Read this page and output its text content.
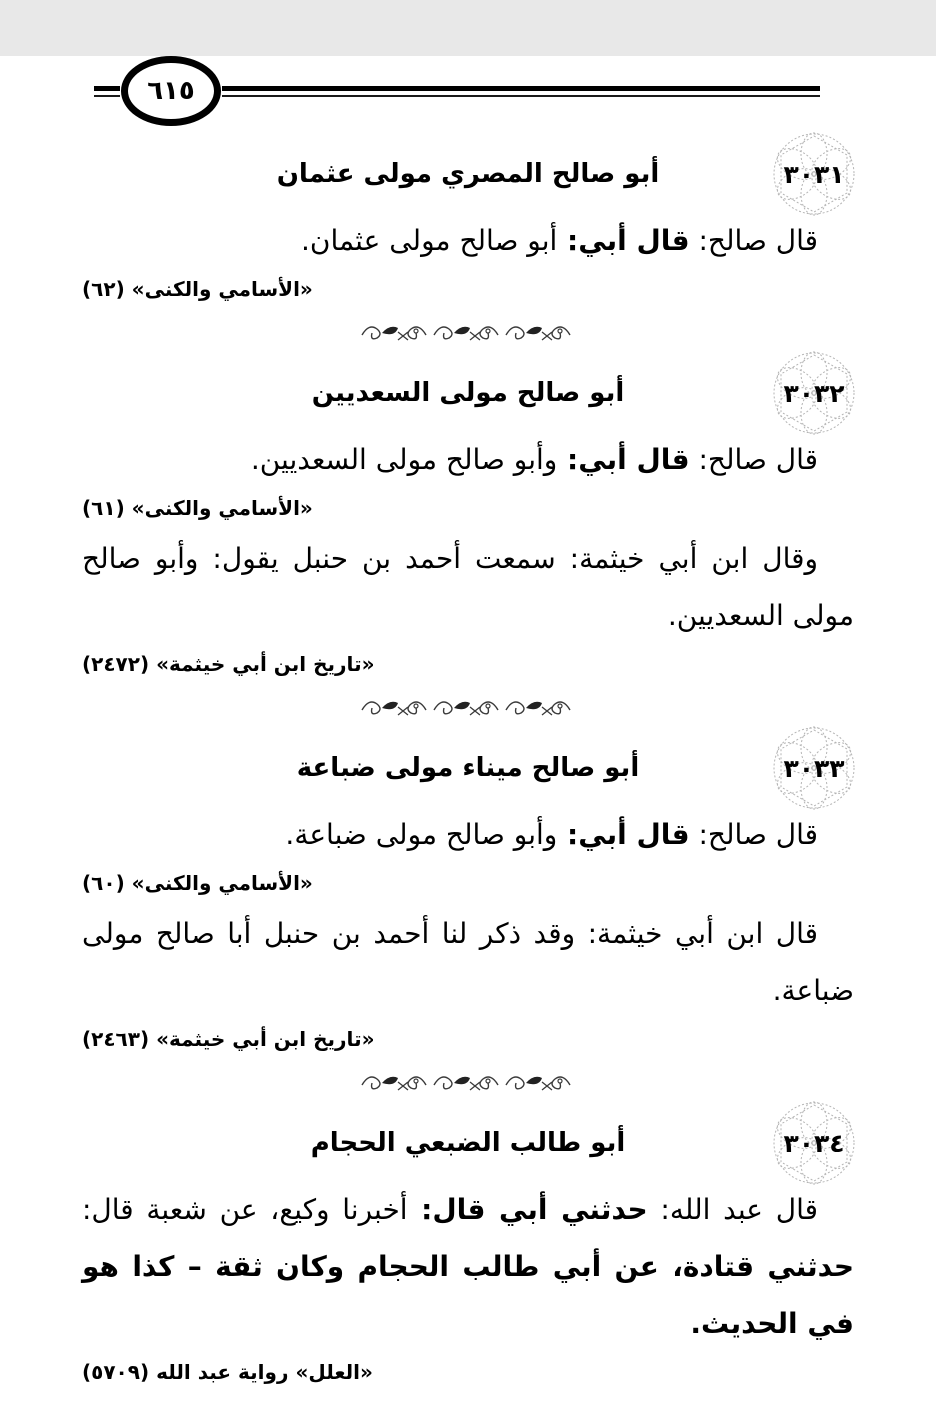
٦١٥
أبو صالح المصري مولى عثمان	٣٠٣١

قال صالح: قال أبي: أبو صالح مولى عثمان.

«الأسامي والكنى» (٦٢)

أبو صالح مولى السعديين	٣٠٣٢

قال صالح: قال أبي: وأبو صالح مولى السعديين.

«الأسامي والكنى» (٦١)

وقال ابن أبي خيثمة: سمعت أحمد بن حنبل يقول: وأبو صالح مولى السعديين.

«تاريخ ابن أبي خيثمة» (٢٤٧٢)

أبو صالح ميناء مولى ضباعة	٣٠٣٣

قال صالح: قال أبي: وأبو صالح مولى ضباعة.

«الأسامي والكنى» (٦٠)

قال ابن أبي خيثمة: وقد ذكر لنا أحمد بن حنبل أبا صالح مولى ضباعة.

«تاريخ ابن أبي خيثمة» (٢٤٦٣)

أبو طالب الضبعي الحجام	٣٠٣٤

قال عبد الله: حدثني أبي قال: أخبرنا وكيع، عن شعبة قال: حدثني قتادة، عن أبي طالب الحجام وكان ثقة – كذا هو في الحديث.

«العلل» رواية عبد الله (٥٧٠٩)
